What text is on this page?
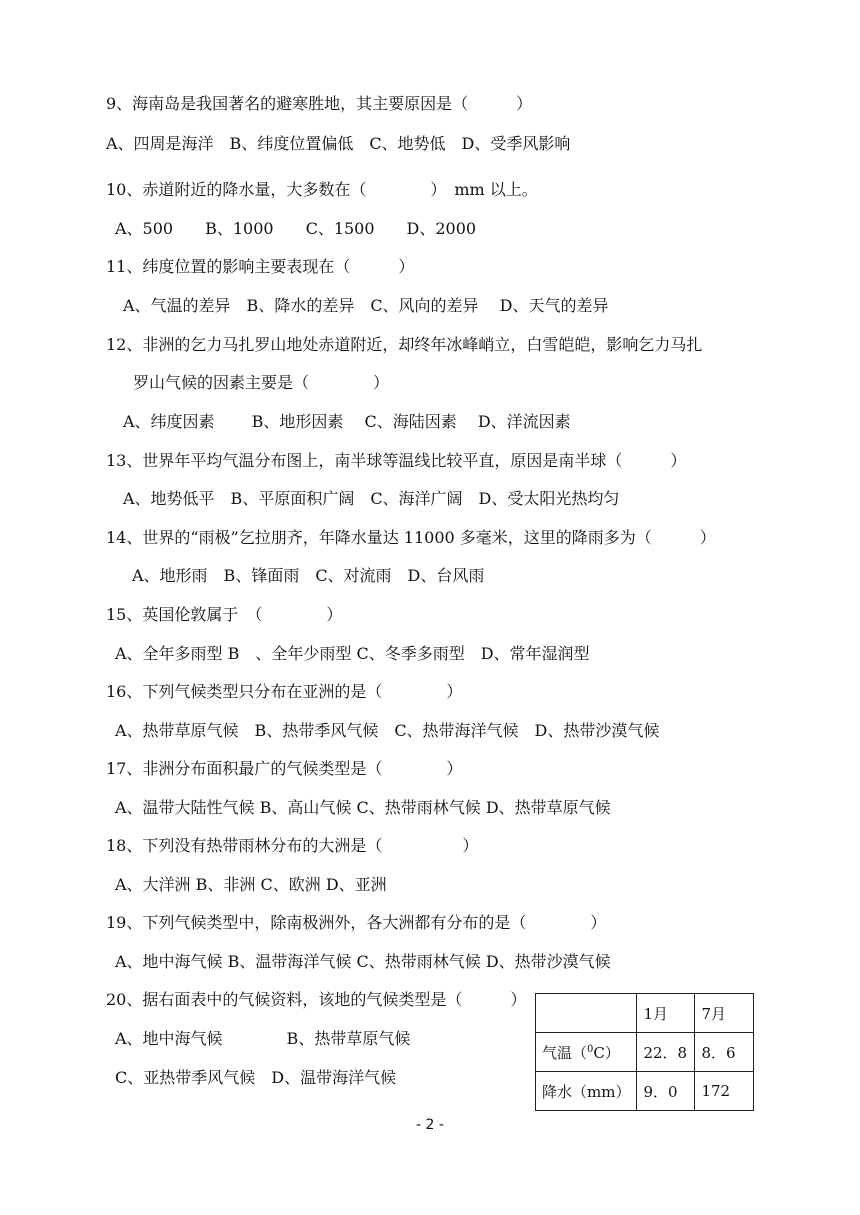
9、海南岛是我国著名的避寒胜地，其主要原因是（　　　）
A、四周是海洋　B、纬度位置偏低　C、地势低　D、受季风影响
10、赤道附近的降水量，大多数在（　　　　）　mm 以上。
A、500　　B、1000　　C、1500　　D、2000
11、纬度位置的影响主要表现在（　　　）
A、气温的差异　B、降水的差异　C、风向的差异　 D、天气的差异
12、非洲的乞力马扎罗山地处赤道附近，却终年冰峰峭立，白雪皑皑，影响乞力马扎
罗山气候的因素主要是（　　　　）
A、纬度因素　　 B、地形因素　 C、海陆因素　 D、洋流因素
13、世界年平均气温分布图上，南半球等温线比较平直，原因是南半球（　　　）
A、地势低平　B、平原面积广阔　C、海洋广阔　D、受太阳光热均匀
14、世界的“雨极”乞拉朋齐，年降水量达 11000 多毫米，这里的降雨多为（　　　）
A、地形雨　B、锋面雨　C、对流雨　D、台风雨
15、英国伦敦属于　（　　　　）
A、全年多雨型 B　、全年少雨型 C、冬季多雨型　D、常年湿润型
16、下列气候类型只分布在亚洲的是（　　　　）
A、热带草原气候　B、热带季风气候　C、热带海洋气候　D、热带沙漠气候
17、非洲分布面积最广的气候类型是（　　　　）
A、温带大陆性气候 B、高山气候 C、热带雨林气候 D、热带草原气候
18、下列没有热带雨林分布的大洲是（　　　　　）
A、大洋洲 B、非洲 C、欧洲 D、亚洲
19、下列气候类型中，除南极洲外，各大洲都有分布的是（　　　　）
A、地中海气候 B、温带海洋气候 C、热带雨林气候 D、热带沙漠气候
20、据右面表中的气候资料，该地的气候类型是（　　　）
A、地中海气候　　　　B、热带草原气候
C、亚热带季风气候　D、温带海洋气候
	1月	7月
气温（$^0$C）	22．8	8．6
降水（mm）	9．0	172
- 2 -
